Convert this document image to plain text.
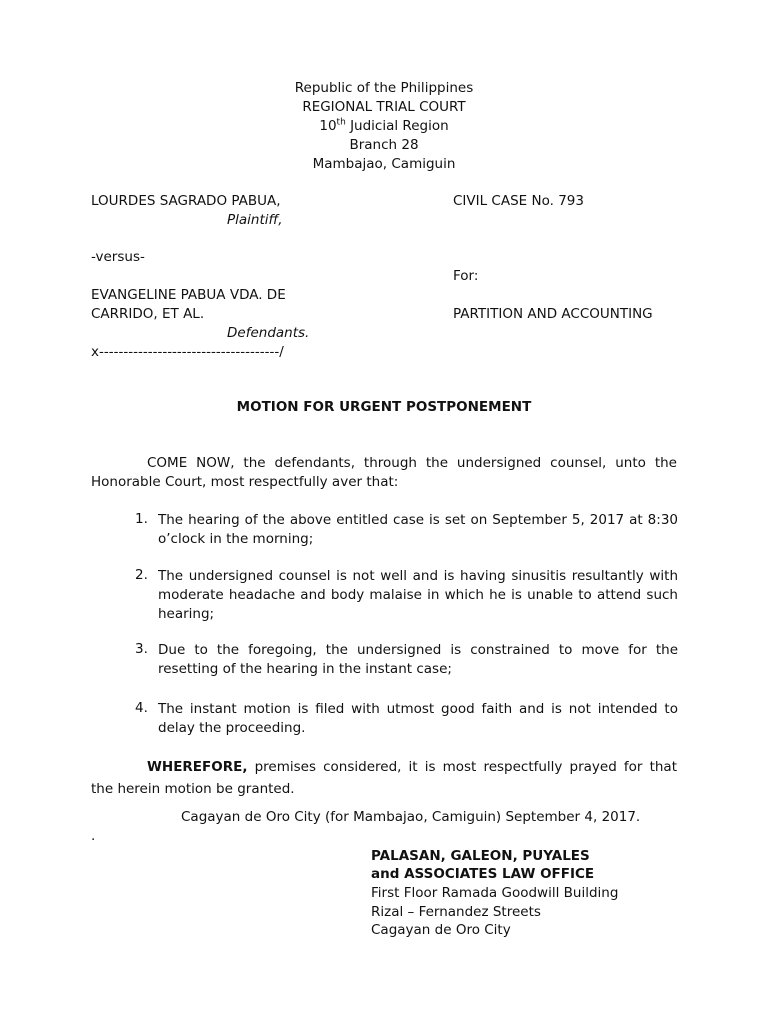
Republic of the Philippines
REGIONAL TRIAL COURT
10th Judicial Region
Branch 28
Mambajao, Camiguin
LOURDES SAGRADO PABUA,
Plaintiff,
-versus-
EVANGELINE PABUA VDA. DE
CARRIDO, ET AL.
Defendants.
x-------------------------------------/
CIVIL CASE No. 793
For:
PARTITION AND ACCOUNTING
MOTION FOR URGENT POSTPONEMENT
COME NOW, the defendants, through the undersigned counsel, unto the Honorable Court, most respectfully aver that:
1. The hearing of the above entitled case is set on September 5, 2017 at 8:30 o’clock in the morning;
2. The undersigned counsel is not well and is having sinusitis resultantly with moderate headache and body malaise in which he is unable to attend such hearing;
3. Due to the foregoing, the undersigned is constrained to move for the resetting of the hearing in the instant case;
4. The instant motion is filed with utmost good faith and is not intended to delay the proceeding.
WHEREFORE, premises considered, it is most respectfully prayed for that the herein motion be granted.
Cagayan de Oro City (for Mambajao, Camiguin) September 4, 2017.
.
PALASAN, GALEON, PUYALES
and ASSOCIATES LAW OFFICE
First Floor Ramada Goodwill Building
Rizal – Fernandez Streets
Cagayan de Oro City
